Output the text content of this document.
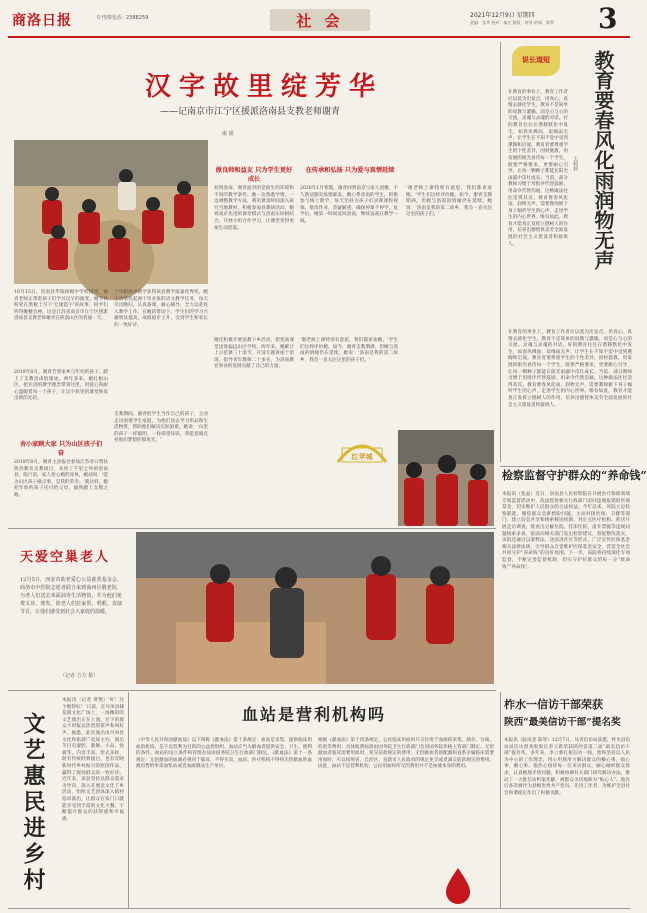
商洛日报	专刊部电话：2388259	社 会	2021年12月9日 星期四
责编：张华 校对：秦庄 排版：何琴 审阅：翟利 3
汉字故里绽芳华
——记南京市江宁区援派洛南县支教老师谢青
康 娟
10月15日，洛南县华阳初级中学校园里，谢青老师正带着孩子们学习汉字的演变。她手执粉笔在黑板上写下'仓颉造字'的故事，同学们听得聚精会神。这是江苏省南京市江宁区援派洛南县支教老师谢青在陕南山区的普通一天。
2019年8月，谢青告别家乡与年幼的孩子，踏上了支教洛南的旅途。两年多来，她扎根山区，把先进的教学理念带到这里，用爱心和耐心温暖着每一个孩子，让汉字故里的课堂焕发出新的光彩。
舍小家顾大家 只为山区孩子们奋
2019年8月，谢青主动报名参加江苏对口帮扶陕西教育支教项目，来到了千里之外的洛南县。临行前，家人担心她的身体，她却说：'能为山区孩子做点事，是我的荣幸。'就这样，她把年幼的孩子托付给父母，毅然踏上支教之路。
宁中职高中教学获得该县教学质量优秀奖，她主动承担起两个毕业班的语文教学任务，每天早出晚归，认真备课，耐心辅导，全力以赴投入教学工作。在她的带动下，学生们的学习兴趣明显提高，成绩稳步上升，受到学生和家长的一致好评。
支教期间，谢青把学生当作自己的孩子，主动走访困难学生家庭，为他们送去学习用品和生活物资，帮助他们解决实际困难。她说：'山里的孩子一样聪明，一样渴望知识，我愿意做点亮他们梦想的那束光。'
做良师和益友 只为学生更好成长
在传承和弘扬 只为爱与真情延续
初到洛南，谢青面对的是陌生的环境和不同的教学条件。她一边熟悉学情，一边调整教学方法，利用课余时间深入研究当地教材，积极参加县教研活动。她将南京先进的课堂模式与洛南实际相结合，开展小组合作学习，让课堂变得更加生动活泼。
她还积极开展送教下乡活动，把优质课堂送进偏远山区学校。两年来，她累计上示范课三十余节，开设专题讲座十余场，指导青年教师二十多名，为洛南教育事业的发展贡献了自己的力量。
2020年1月寒假，谢青回到南京与家人团聚，不久新冠肺炎疫情暴发。她心系洛南的学生，积极参与线上教学，每天坚持为孩子们录制课程视频、批改作业、答疑解惑，确保停课不停学。复学后，她第一时间返回洛南，继续奋战在教学一线。
'谢老师上课特别有意思，我们都喜欢她。'学生们这样评价她。如今，谢青支教期满，但她与洛南的情缘仍在延续，她说：'洛南是我的第二故乡，我会一直关注这里的孩子们。'
'谢老师上课特别有意思，我们都喜欢她。'学生们这样评价她。如今，谢青支教期满，但她与洛南的情缘仍在延续，她说：'洛南是我的第二故乡，我会一直关注这里的孩子们。'
红苹城
说长道短	教育要春风化雨润物无声
王莉莉
在教育的事业上，教育工作者应以爱为出发点，用真心、真情去感化学生。教育不是简单的说教与灌输，而是心与心的交流、灵魂与灵魂的对话。好的教育往往在潜移默化中发生，如春风拂面，似细雨无声，让学生在不知不觉中受到熏陶和启迪。教育者要尊重学生的个性差异，因材施教，用发展的眼光看待每一个学生，既要严格要求，更要耐心引导，让每一颗种子都能在阳光雨露中茁壮成长。当前，部分教师习惯于用批评代替鼓励、用命令代替沟通，这种做法往往适得其反。教育要春风化雨、润物无声，需要教师俯下身子倾听学生的心声，走进学生的内心世界。唯有如此，教育才能真正发挥立德树人的作用，培养出德智体美劳全面发展的社会主义建设者和接班人。
在教育的事业上，教育工作者应以爱为出发点，用真心、真情去感化学生。教育不是简单的说教与灌输，而是心与心的交流、灵魂与灵魂的对话。好的教育往往在潜移默化中发生，如春风拂面，似细雨无声，让学生在不知不觉中受到熏陶和启迪。教育者要尊重学生的个性差异，因材施教，用发展的眼光看待每一个学生，既要严格要求，更要耐心引导，让每一颗种子都能在阳光雨露中茁壮成长。当前，部分教师习惯于用批评代替鼓励、用命令代替沟通，这种做法往往适得其反。教育要春风化雨、润物无声，需要教师俯下身子倾听学生的心声，走进学生的内心世界。唯有如此，教育才能真正发挥立德树人的作用，培养出德智体美劳全面发展的社会主义建设者和接班人。
检察监督守护群众的“养命钱”
本报讯（张晶）近日，洛南县人民检察院在开展医疗保障领域专项监督活动中，依法督促相关行政部门追回违规报销的医保基金，切实维护人民群众的合法权益。今年以来，该院立足检察职能，聚焦群众急难愁盼问题，主动对接医保、卫健等部门，建立信息共享和线索移送机制，对定点医疗机构、药店开展走访调查，排查出分解住院、挂床住院、虚开票据等违规问题线索多条，依法向相关部门发出检察建议，督促整改落实。该院还通过以案释法、送法进社区等形式，广泛宣传医保基金相关法律法规，引导群众自觉维护医保基金安全，营造全社会共同守护“养命钱”的良好氛围。下一步，该院将持续深化专项监督，不断完善监督机制，切实守护好群众的每一分“救命钱”“养命钱”。
天爱空巢老人
12月5日，西安市助老爱心公益慈善基金会、商洛市中医院志愿者联合来到商州区敬老院，为老人们送去米面油等生活物资，并为他们免费义诊、理发，陪老人们拉家常、唱歌、表演节目，让他们感受到社会大家庭的温暖。
（记者 方方 摄）
文艺惠民进乡村
本报讯（记者 黄翔）'好！这个唱得好！'日前，在丹凤县棣花镇文化广场上，一场精彩的文艺演出正在上演，台下的群众不时报以热烈的掌声和叫好声。据悉，此次演出由丹凤县文化和旅游广电局主办，演出节目有秦腔、歌舞、小品、快板等，内容丰富、形式多样，既有传统经典剧目，也有反映新时代乡村振兴的原创作品，赢得了现场群众的一致好评。近年来，该县坚持以群众需求为导向，深入开展送文化下乡活动，组织文艺团体深入镇村巡回演出，让群众在家门口就能享受到丰富的文化大餐，不断提升群众的获得感和幸福感。
血站是营利机构吗
《中华人民共和国献血法》以下简称《献血法》第十条规定：血站是采集、提供临床用血的机构，是不以营利为目的的公益性组织。血站应当为献血者提供安全、卫生、便利的条件。血站的设立条件和管理办法由国务院卫生行政部门制定。《献血法》第十一条规定：无偿献血的血液必须用于临床，不得买卖。血站、医疗机构不得将无偿献血的血液出售给单采血浆站或者血液制品生产单位。
根据《献血法》第十四条规定，公民临床用血时只交付用于血液的采集、储存、分离、检验等费用；具体收费标准由国务院卫生行政部门会同国务院价格主管部门制定。无偿献血者临床需要用血时，免交前款规定的费用；无偿献血者的配偶和直系亲属临床需要用血时，可以按照省、自治区、直辖市人民政府的规定免交或者减交前款规定的费用。因此，血站不是营利机构，公民用血时所交的费用并不是血液本身的费用。
商洛献血
柞水一信访干部荣获
陕西“最美信访干部”提名奖
本报讯（阮成金 陈琴）12月7日，从省信访局获悉，柞水县信访局信访督查股股长李立新荣获陕西省第二届“最美信访干部”提名奖。多年来，李立新扎根信访一线，始终坚持以人民为中心的工作理念，用心用情用力解决群众的操心事、烦心事、揪心事。他热心接待每一位来访群众，耐心倾听群众诉求，认真梳理矛盾问题，积极协调有关部门研究解决办法，推动了一大批信访积案化解，被群众亲切地称为“贴心人”。他先后多次被评为县级优秀共产党员、先进工作者，为维护全县社会和谐稳定作出了积极贡献。
